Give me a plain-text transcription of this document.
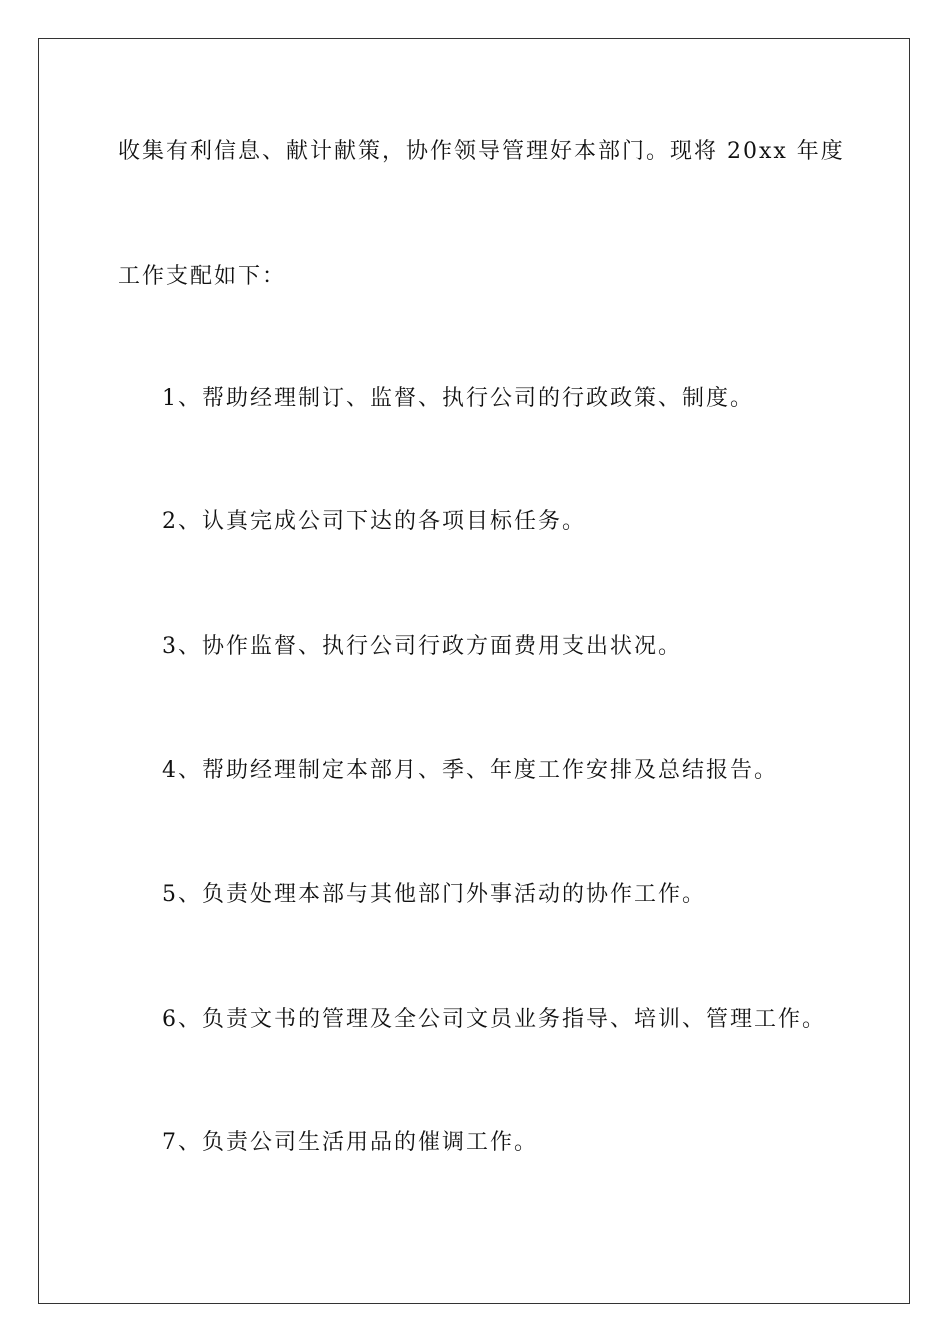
收集有利信息、献计献策，协作领导管理好本部门。现将 20xx 年度
工作支配如下：
1、帮助经理制订、监督、执行公司的行政政策、制度。
2、认真完成公司下达的各项目标任务。
3、协作监督、执行公司行政方面费用支出状况。
4、帮助经理制定本部月、季、年度工作安排及总结报告。
5、负责处理本部与其他部门外事活动的协作工作。
6、负责文书的管理及全公司文员业务指导、培训、管理工作。
7、负责公司生活用品的催调工作。
